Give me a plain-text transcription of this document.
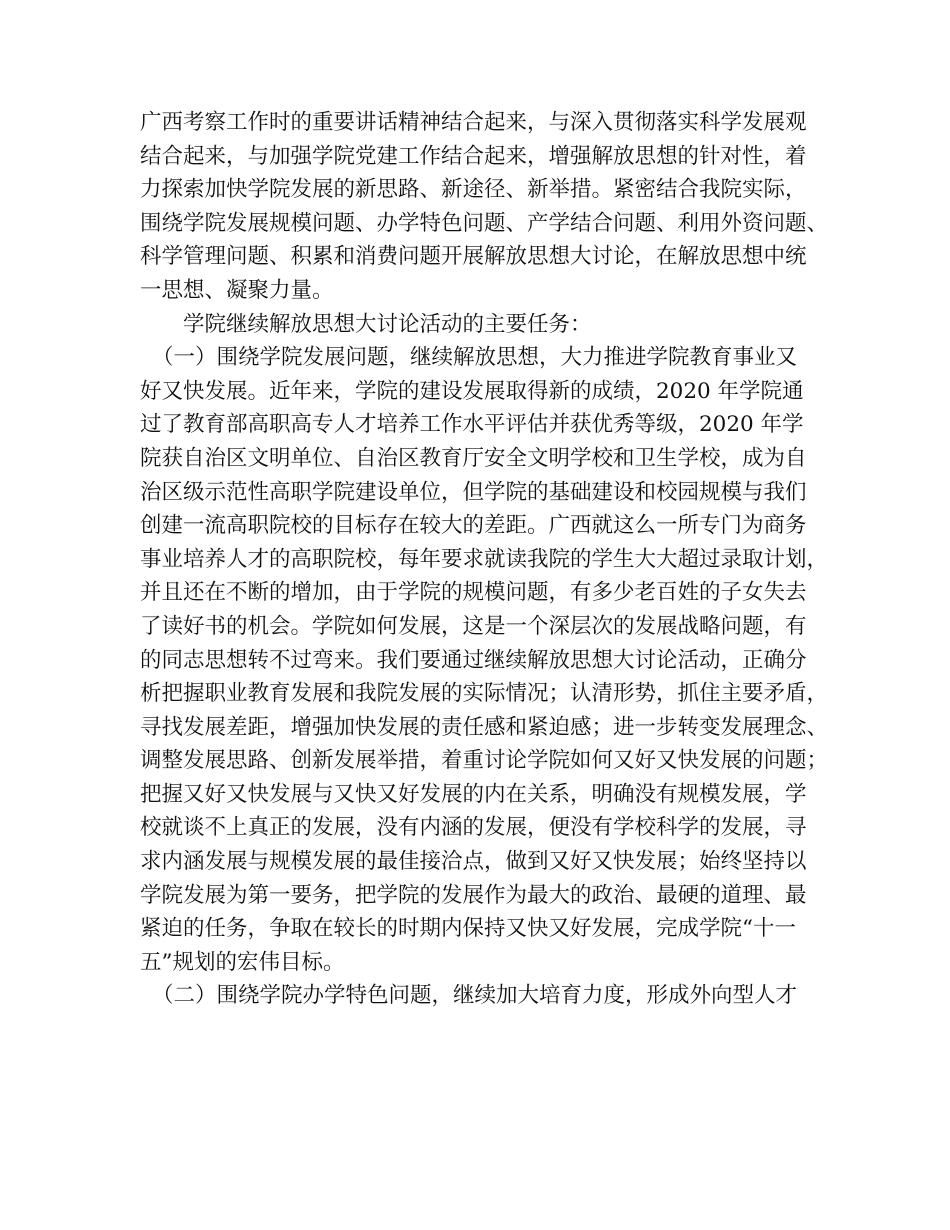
广西考察工作时的重要讲话精神结合起来，与深入贯彻落实科学发展观
结合起来，与加强学院党建工作结合起来，增强解放思想的针对性，着
力探索加快学院发展的新思路、新途径、新举措。紧密结合我院实际，
围绕学院发展规模问题、办学特色问题、产学结合问题、利用外资问题、
科学管理问题、积累和消费问题开展解放思想大讨论，在解放思想中统
一思想、凝聚力量。
学院继续解放思想大讨论活动的主要任务：
（一）围绕学院发展问题，继续解放思想，大力推进学院教育事业又
好又快发展。近年来，学院的建设发展取得新的成绩，2020 年学院通
过了教育部高职高专人才培养工作水平评估并获优秀等级，2020 年学
院获自治区文明单位、自治区教育厅安全文明学校和卫生学校，成为自
治区级示范性高职学院建设单位，但学院的基础建设和校园规模与我们
创建一流高职院校的目标存在较大的差距。广西就这么一所专门为商务
事业培养人才的高职院校，每年要求就读我院的学生大大超过录取计划，
并且还在不断的增加，由于学院的规模问题，有多少老百姓的子女失去
了读好书的机会。学院如何发展，这是一个深层次的发展战略问题，有
的同志思想转不过弯来。我们要通过继续解放思想大讨论活动，正确分
析把握职业教育发展和我院发展的实际情况；认清形势，抓住主要矛盾，
寻找发展差距，增强加快发展的责任感和紧迫感；进一步转变发展理念、
调整发展思路、创新发展举措，着重讨论学院如何又好又快发展的问题；
把握又好又快发展与又快又好发展的内在关系，明确没有规模发展，学
校就谈不上真正的发展，没有内涵的发展，便没有学校科学的发展，寻
求内涵发展与规模发展的最佳接洽点，做到又好又快发展；始终坚持以
学院发展为第一要务，把学院的发展作为最大的政治、最硬的道理、最
紧迫的任务，争取在较长的时期内保持又快又好发展，完成学院“十一
五”规划的宏伟目标。
（二）围绕学院办学特色问题，继续加大培育力度，形成外向型人才
